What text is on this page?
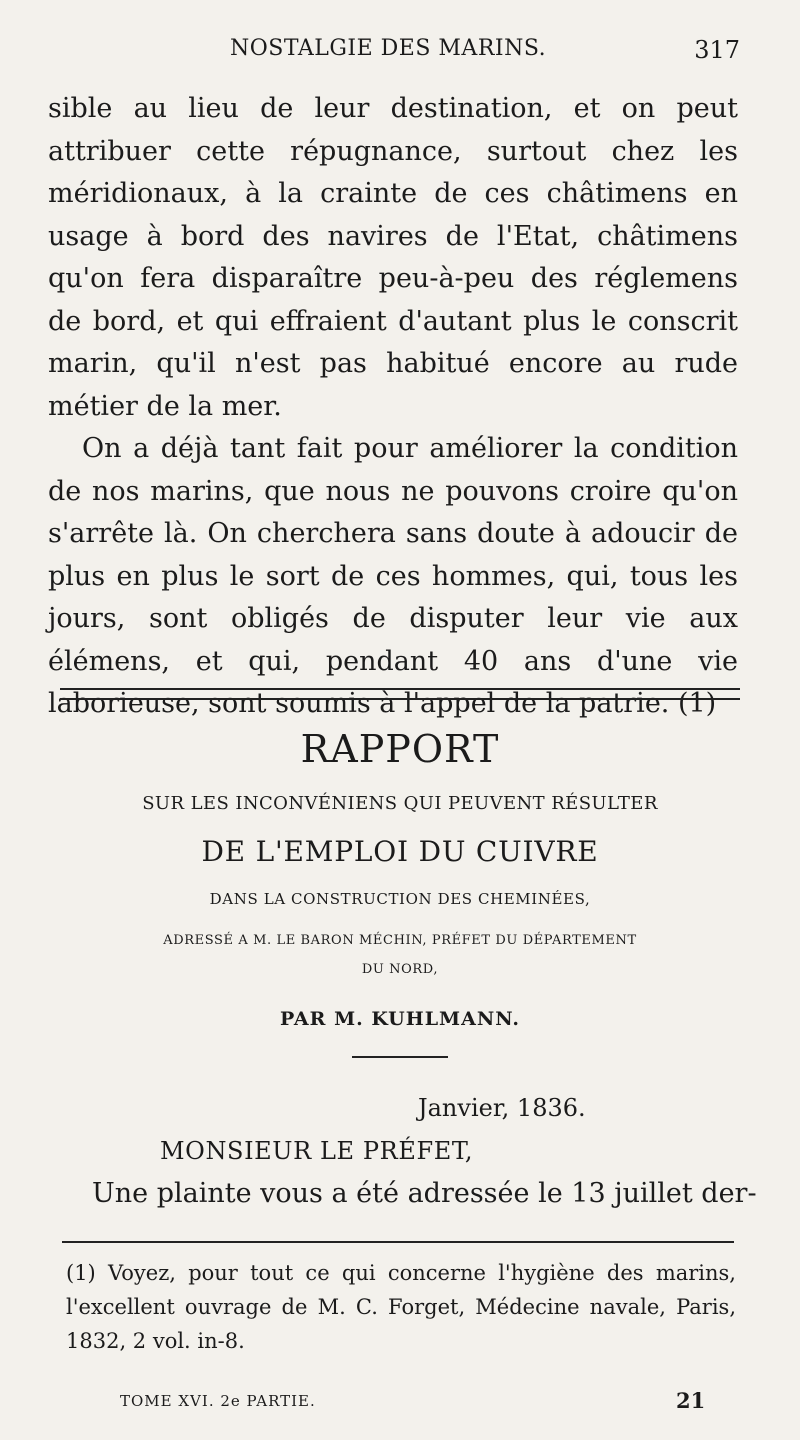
NOSTALGIE DES MARINS.	317

sible au lieu de leur destination, et on peut attribuer cette répugnance, surtout chez les méridionaux, à la crainte de ces châtimens en usage à bord des navires de l'Etat, châtimens qu'on fera disparaître peu-à-peu des réglemens de bord, et qui effraient d'autant plus le conscrit marin, qu'il n'est pas habitué encore au rude métier de la mer.

On a déjà tant fait pour améliorer la condition de nos marins, que nous ne pouvons croire qu'on s'arrête là. On cherchera sans doute à adoucir de plus en plus le sort de ces hommes, qui, tous les jours, sont obligés de disputer leur vie aux élémens, et qui, pendant 40 ans d'une vie laborieuse, sont soumis à l'appel de la patrie. (1)

RAPPORT
SUR LES INCONVÉNIENS QUI PEUVENT RÉSULTER
DE L'EMPLOI DU CUIVRE
DANS LA CONSTRUCTION DES CHEMINÉES,
ADRESSÉ A M. LE BARON MÉCHIN, PRÉFET DU DÉPARTEMENT
DU NORD,
PAR M. KUHLMANN.
Janvier, 1836.
MONSIEUR LE PRÉFET,
Une plainte vous a été adressée le 13 juillet der-

(1) Voyez, pour tout ce qui concerne l'hygiène des marins, l'excellent ouvrage de M. C. Forget, Médecine navale, Paris, 1832, 2 vol. in-8.

TOME XVI. 2e PARTIE.	21
